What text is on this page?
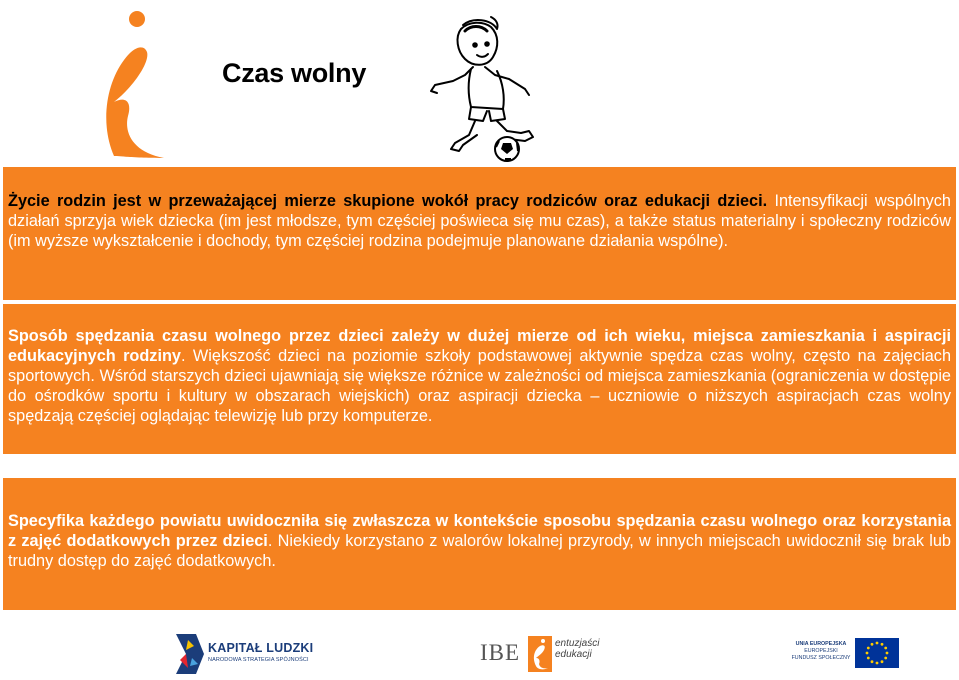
Czas wolny

Życie rodzin jest w przeważającej mierze skupione wokół pracy rodziców oraz edukacji dzieci. Intensyfikacji wspólnych działań sprzyja wiek dziecka (im jest młodsze, tym częściej poświeca się mu czas), a także status materialny i społeczny rodziców (im wyższe wykształcenie i dochody, tym częściej rodzina podejmuje planowane działania wspólne).

Sposób spędzania czasu wolnego przez dzieci zależy w dużej mierze od ich wieku, miejsca zamieszkania i aspiracji edukacyjnych rodziny. Większość dzieci na poziomie szkoły podstawowej aktywnie spędza czas wolny, często na zajęciach sportowych. Wśród starszych dzieci ujawniają się większe różnice w zależności od miejsca zamieszkania (ograniczenia w dostępie do ośrodków sportu i kultury w obszarach wiejskich) oraz aspiracji dziecka – uczniowie o niższych aspiracjach czas wolny spędzają częściej oglądając telewizję lub przy komputerze.

Specyfika każdego powiatu uwidoczniła się zwłaszcza w kontekście sposobu spędzania czasu wolnego oraz korzystania z zajęć dodatkowych przez dzieci. Niekiedy korzystano z walorów lokalnej przyrody, w innych miejscach uwidocznił się brak lub trudny dostęp do zajęć dodatkowych.

KAPITAŁ LUDZKI
NARODOWA STRATEGIA SPÓJNOŚCI	IBE	entuzjaści
edukacji
UNIA EUROPEJSKA
EUROPEJSKI
FUNDUSZ SPOŁECZNY
